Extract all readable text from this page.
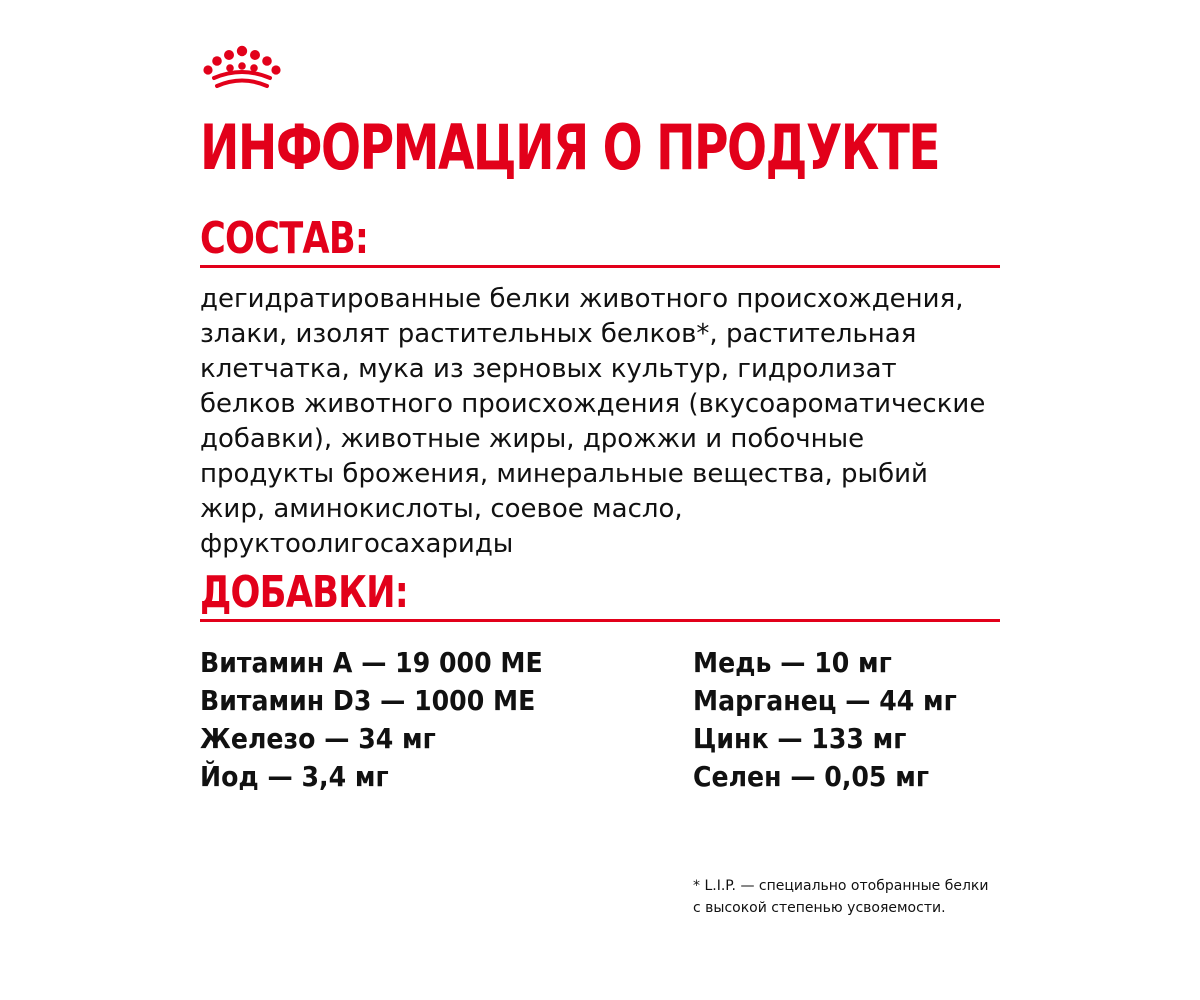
ИНФОРМАЦИЯ О ПРОДУКТЕ
СОСТАВ:

дегидратированные белки животного происхождения, злаки, изолят растительных белков*, растительная клетчатка, мука из зерновых культур, гидролизат белков животного происхождения (вкусоароматические добавки), животные жиры, дрожжи и побочные продукты брожения, минеральные вещества, рыбий жир, аминокислоты, соевое масло, фруктоолигосахариды

ДОБАВКИ:
Витамин А — 19 000 МЕ
Витамин D3 — 1000 МЕ
Железо — 34 мг
Йод — 3,4 мг
Медь — 10 мг
Марганец — 44 мг
Цинк — 133 мг
Селен — 0,05 мг

* L.I.P. — специально отобранные белки
с высокой степенью усвояемости.
